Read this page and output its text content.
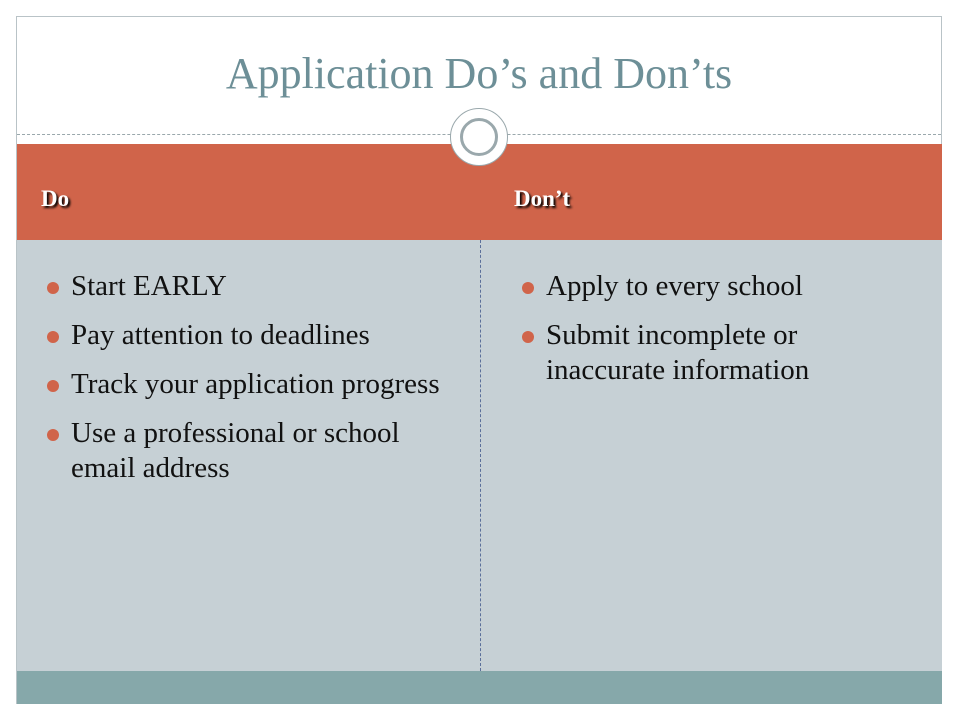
Application Do’s and Don’ts
Do	Don’t
Start EARLY
Pay attention to deadlines
Track your application progress
Use a professional or school email address
Apply to every school
Submit incomplete or inaccurate information
